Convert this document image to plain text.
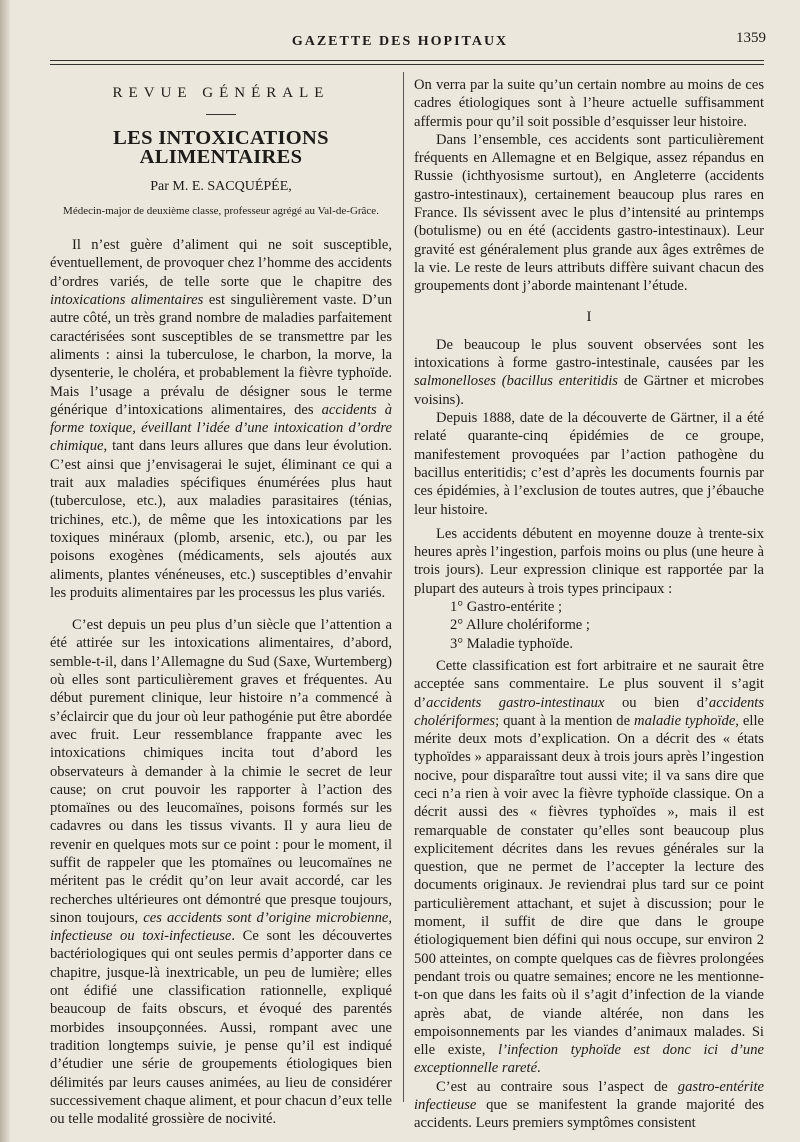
GAZETTE DES HOPITAUX	1359
REVUE GÉNÉRALE
LES INTOXICATIONS ALIMENTAIRES
Par M. E. SACQUÉPÉE,
Médecin-major de deuxième classe, professeur agrégé au Val-de-Grâce.

Il n’est guère d’aliment qui ne soit susceptible, éventuellement, de provoquer chez l’homme des accidents d’ordres variés, de telle sorte que le chapitre des intoxications alimentaires est singulièrement vaste. D’un autre côté, un très grand nombre de maladies parfaitement caractérisées sont susceptibles de se transmettre par les aliments : ainsi la tuberculose, le charbon, la morve, la dysenterie, le choléra, et probablement la fièvre typhoïde. Mais l’usage a prévalu de désigner sous le terme générique d’intoxications alimentaires, des accidents à forme toxique, éveillant l’idée d’une intoxication d’ordre chimique, tant dans leurs allures que dans leur évolution. C’est ainsi que j’envisagerai le sujet, éliminant ce qui a trait aux maladies spécifiques énumérées plus haut (tuberculose, etc.), aux maladies parasitaires (ténias, trichines, etc.), de même que les intoxications par les toxiques minéraux (plomb, arsenic, etc.), ou par les poisons exogènes (médicaments, sels ajoutés aux aliments, plantes vénéneuses, etc.) susceptibles d’envahir les produits alimentaires par les processus les plus variés.

C’est depuis un peu plus d’un siècle que l’attention a été attirée sur les intoxications alimentaires, d’abord, semble-t-il, dans l’Allemagne du Sud (Saxe, Wurtemberg) où elles sont particulièrement graves et fréquentes. Au début purement clinique, leur histoire n’a commencé à s’éclaircir que du jour où leur pathogénie put être abordée avec fruit. Leur ressemblance frappante avec les intoxications chimiques incita tout d’abord les observateurs à demander à la chimie le secret de leur cause; on crut pouvoir les rapporter à l’action des ptomaïnes ou des leucomaïnes, poisons formés sur les cadavres ou dans les tissus vivants. Il y aura lieu de revenir en quelques mots sur ce point : pour le moment, il suffit de rappeler que les ptomaïnes ou leucomaïnes ne méritent pas le crédit qu’on leur avait accordé, car les recherches ultérieures ont démontré que presque toujours, sinon toujours, ces accidents sont d’origine microbienne, infectieuse ou toxi-infectieuse. Ce sont les découvertes bactériologiques qui ont seules permis d’apporter dans ce chapitre, jusque-là inextricable, un peu de lumière; elles ont édifié une classification rationnelle, expliqué beaucoup de faits obscurs, et évoqué des parentés morbides insoupçonnées. Aussi, rompant avec une tradition longtemps suivie, je pense qu’il est indiqué d’étudier une série de groupements étiologiques bien délimités par leurs causes animées, au lieu de considérer successivement chaque aliment, et pour chacun d’eux telle ou telle modalité grossière de nocivité.

On verra par la suite qu’un certain nombre au moins de ces cadres étiologiques sont à l’heure actuelle suffisamment affermis pour qu’il soit possible d’esquisser leur histoire.

Dans l’ensemble, ces accidents sont particulièrement fréquents en Allemagne et en Belgique, assez répandus en Russie (ichthyosisme surtout), en Angleterre (accidents gastro-intestinaux), certainement beaucoup plus rares en France. Ils sévissent avec le plus d’intensité au printemps (botulisme) ou en été (accidents gastro-intestinaux). Leur gravité est généralement plus grande aux âges extrêmes de la vie. Le reste de leurs attributs diffère suivant chacun des groupements dont j’aborde maintenant l’étude.

I

De beaucoup le plus souvent observées sont les intoxications à forme gastro-intestinale, causées par les salmonelloses (bacillus enteritidis de Gärtner et microbes voisins).

Depuis 1888, date de la découverte de Gärtner, il a été relaté quarante-cinq épidémies de ce groupe, manifestement provoquées par l’action pathogène du bacillus enteritidis; c’est d’après les documents fournis par ces épidémies, à l’exclusion de toutes autres, que j’ébauche leur histoire.

Les accidents débutent en moyenne douze à trente-six heures après l’ingestion, parfois moins ou plus (une heure à trois jours). Leur expression clinique est rapportée par la plupart des auteurs à trois types principaux :

1° Gastro-entérite ;

2° Allure cholériforme ;

3° Maladie typhoïde.

Cette classification est fort arbitraire et ne saurait être acceptée sans commentaire. Le plus souvent il s’agit d’accidents gastro-intestinaux ou bien d’accidents cholériformes; quant à la mention de maladie typhoïde, elle mérite deux mots d’explication. On a décrit des « états typhoïdes » apparaissant deux à trois jours après l’ingestion nocive, pour disparaître tout aussi vite; il va sans dire que ceci n’a rien à voir avec la fièvre typhoïde classique. On a décrit aussi des « fièvres typhoïdes », mais il est remarquable de constater qu’elles sont beaucoup plus explicitement décrites dans les revues générales sur la question, que ne permet de l’accepter la lecture des documents originaux. Je reviendrai plus tard sur ce point particulièrement attachant, et sujet à discussion; pour le moment, il suffit de dire que dans le groupe étiologiquement bien défini qui nous occupe, sur environ 2 500 atteintes, on compte quelques cas de fièvres prolongées pendant trois ou quatre semaines; encore ne les mentionne-t-on que dans les faits où il s’agit d’infection de la viande après abat, de viande altérée, non dans les empoisonnements par les viandes d’animaux malades. Si elle existe, l’infection typhoïde est donc ici d’une exceptionnelle rareté.

C’est au contraire sous l’aspect de gastro-entérite infectieuse que se manifestent la grande majorité des accidents. Leurs premiers symptômes consistent
